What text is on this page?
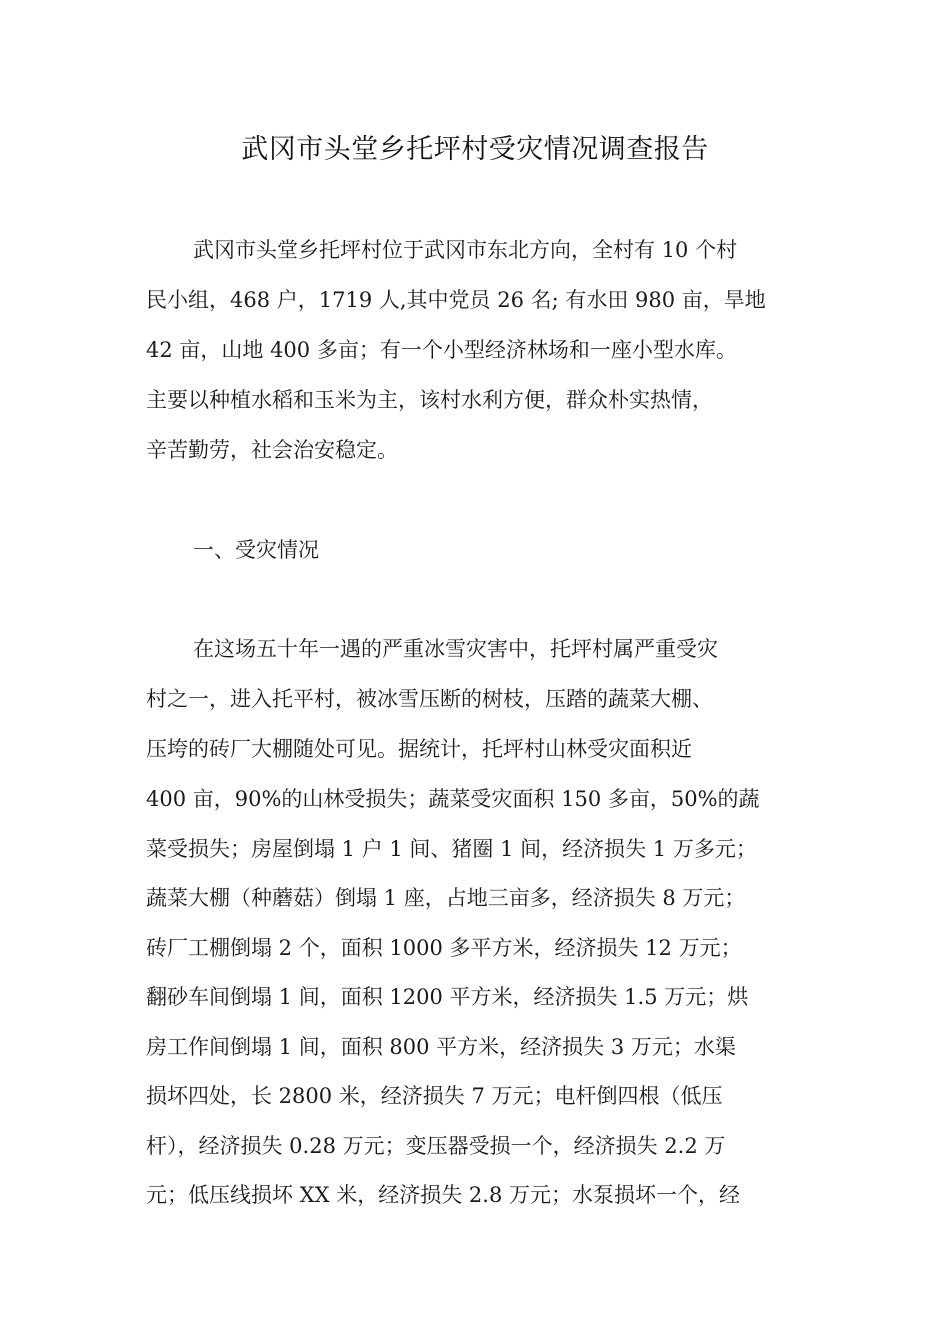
武冈市头堂乡托坪村受灾情况调查报告
武冈市头堂乡托坪村位于武冈市东北方向，全村有 10 个村
民小组，468 户，1719 人,其中党员 26 名; 有水田 980 亩，旱地
42 亩，山地 400 多亩；有一个小型经济林场和一座小型水库。
主要以种植水稻和玉米为主，该村水利方便，群众朴实热情，
辛苦勤劳，社会治安稳定。
一、受灾情况
在这场五十年一遇的严重冰雪灾害中，托坪村属严重受灾
村之一，进入托平村，被冰雪压断的树枝，压踏的蔬菜大棚、
压垮的砖厂大棚随处可见。据统计，托坪村山林受灾面积近
400 亩，90%的山林受损失；蔬菜受灾面积 150 多亩，50%的蔬
菜受损失；房屋倒塌 1 户 1 间、猪圈 1 间，经济损失 1 万多元；
蔬菜大棚（种蘑菇）倒塌 1 座，占地三亩多，经济损失 8 万元；
砖厂工棚倒塌 2 个，面积 1000 多平方米，经济损失 12 万元；
翻砂车间倒塌 1 间，面积 1200 平方米，经济损失 1.5 万元；烘
房工作间倒塌 1 间，面积 800 平方米，经济损失 3 万元；水渠
损坏四处，长 2800 米，经济损失 7 万元；电杆倒四根（低压
杆），经济损失 0.28 万元；变压器受损一个，经济损失 2.2 万
元；低压线损坏 XX 米，经济损失 2.8 万元；水泵损坏一个，经
